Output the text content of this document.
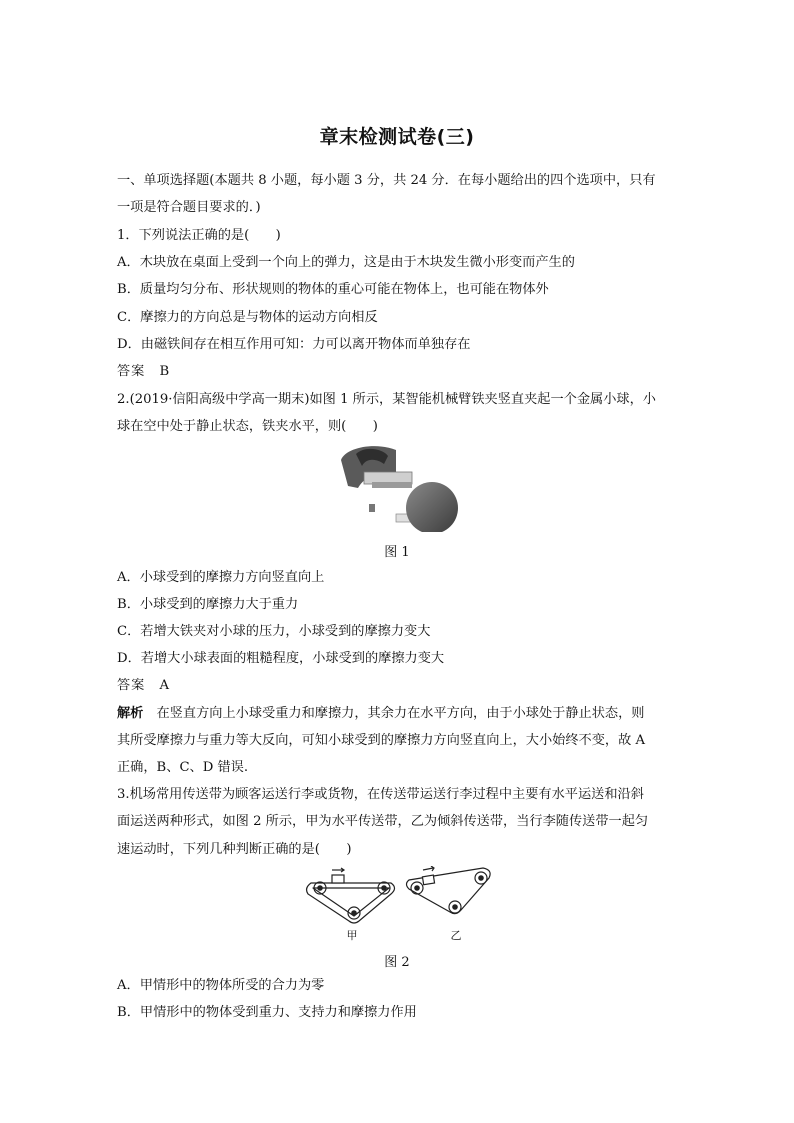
章末检测试卷(三)
一、单项选择题(本题共 8 小题，每小题 3 分，共 24 分．在每小题给出的四个选项中，只有
一项是符合题目要求的．)
1．下列说法正确的是(　　)
A．木块放在桌面上受到一个向上的弹力，这是由于木块发生微小形变而产生的
B．质量均匀分布、形状规则的物体的重心可能在物体上，也可能在物体外
C．摩擦力的方向总是与物体的运动方向相反
D．由磁铁间存在相互作用可知：力可以离开物体而单独存在
答案　B
2.(2019·信阳高级中学高一期末)如图 1 所示，某智能机械臂铁夹竖直夹起一个金属小球，小
球在空中处于静止状态，铁夹水平，则(　　)
图 1
A．小球受到的摩擦力方向竖直向上
B．小球受到的摩擦力大于重力
C．若增大铁夹对小球的压力，小球受到的摩擦力变大
D．若增大小球表面的粗糙程度，小球受到的摩擦力变大
答案　A
解析　在竖直方向上小球受重力和摩擦力，其余力在水平方向，由于小球处于静止状态，则
其所受摩擦力与重力等大反向，可知小球受到的摩擦力方向竖直向上，大小始终不变，故 A
正确，B、C、D 错误.
3.机场常用传送带为顾客运送行李或货物，在传送带运送行李过程中主要有水平运送和沿斜
面运送两种形式，如图 2 所示，甲为水平传送带，乙为倾斜传送带，当行李随传送带一起匀
速运动时，下列几种判断正确的是(　　)
甲	乙
图 2
A．甲情形中的物体所受的合力为零
B．甲情形中的物体受到重力、支持力和摩擦力作用
